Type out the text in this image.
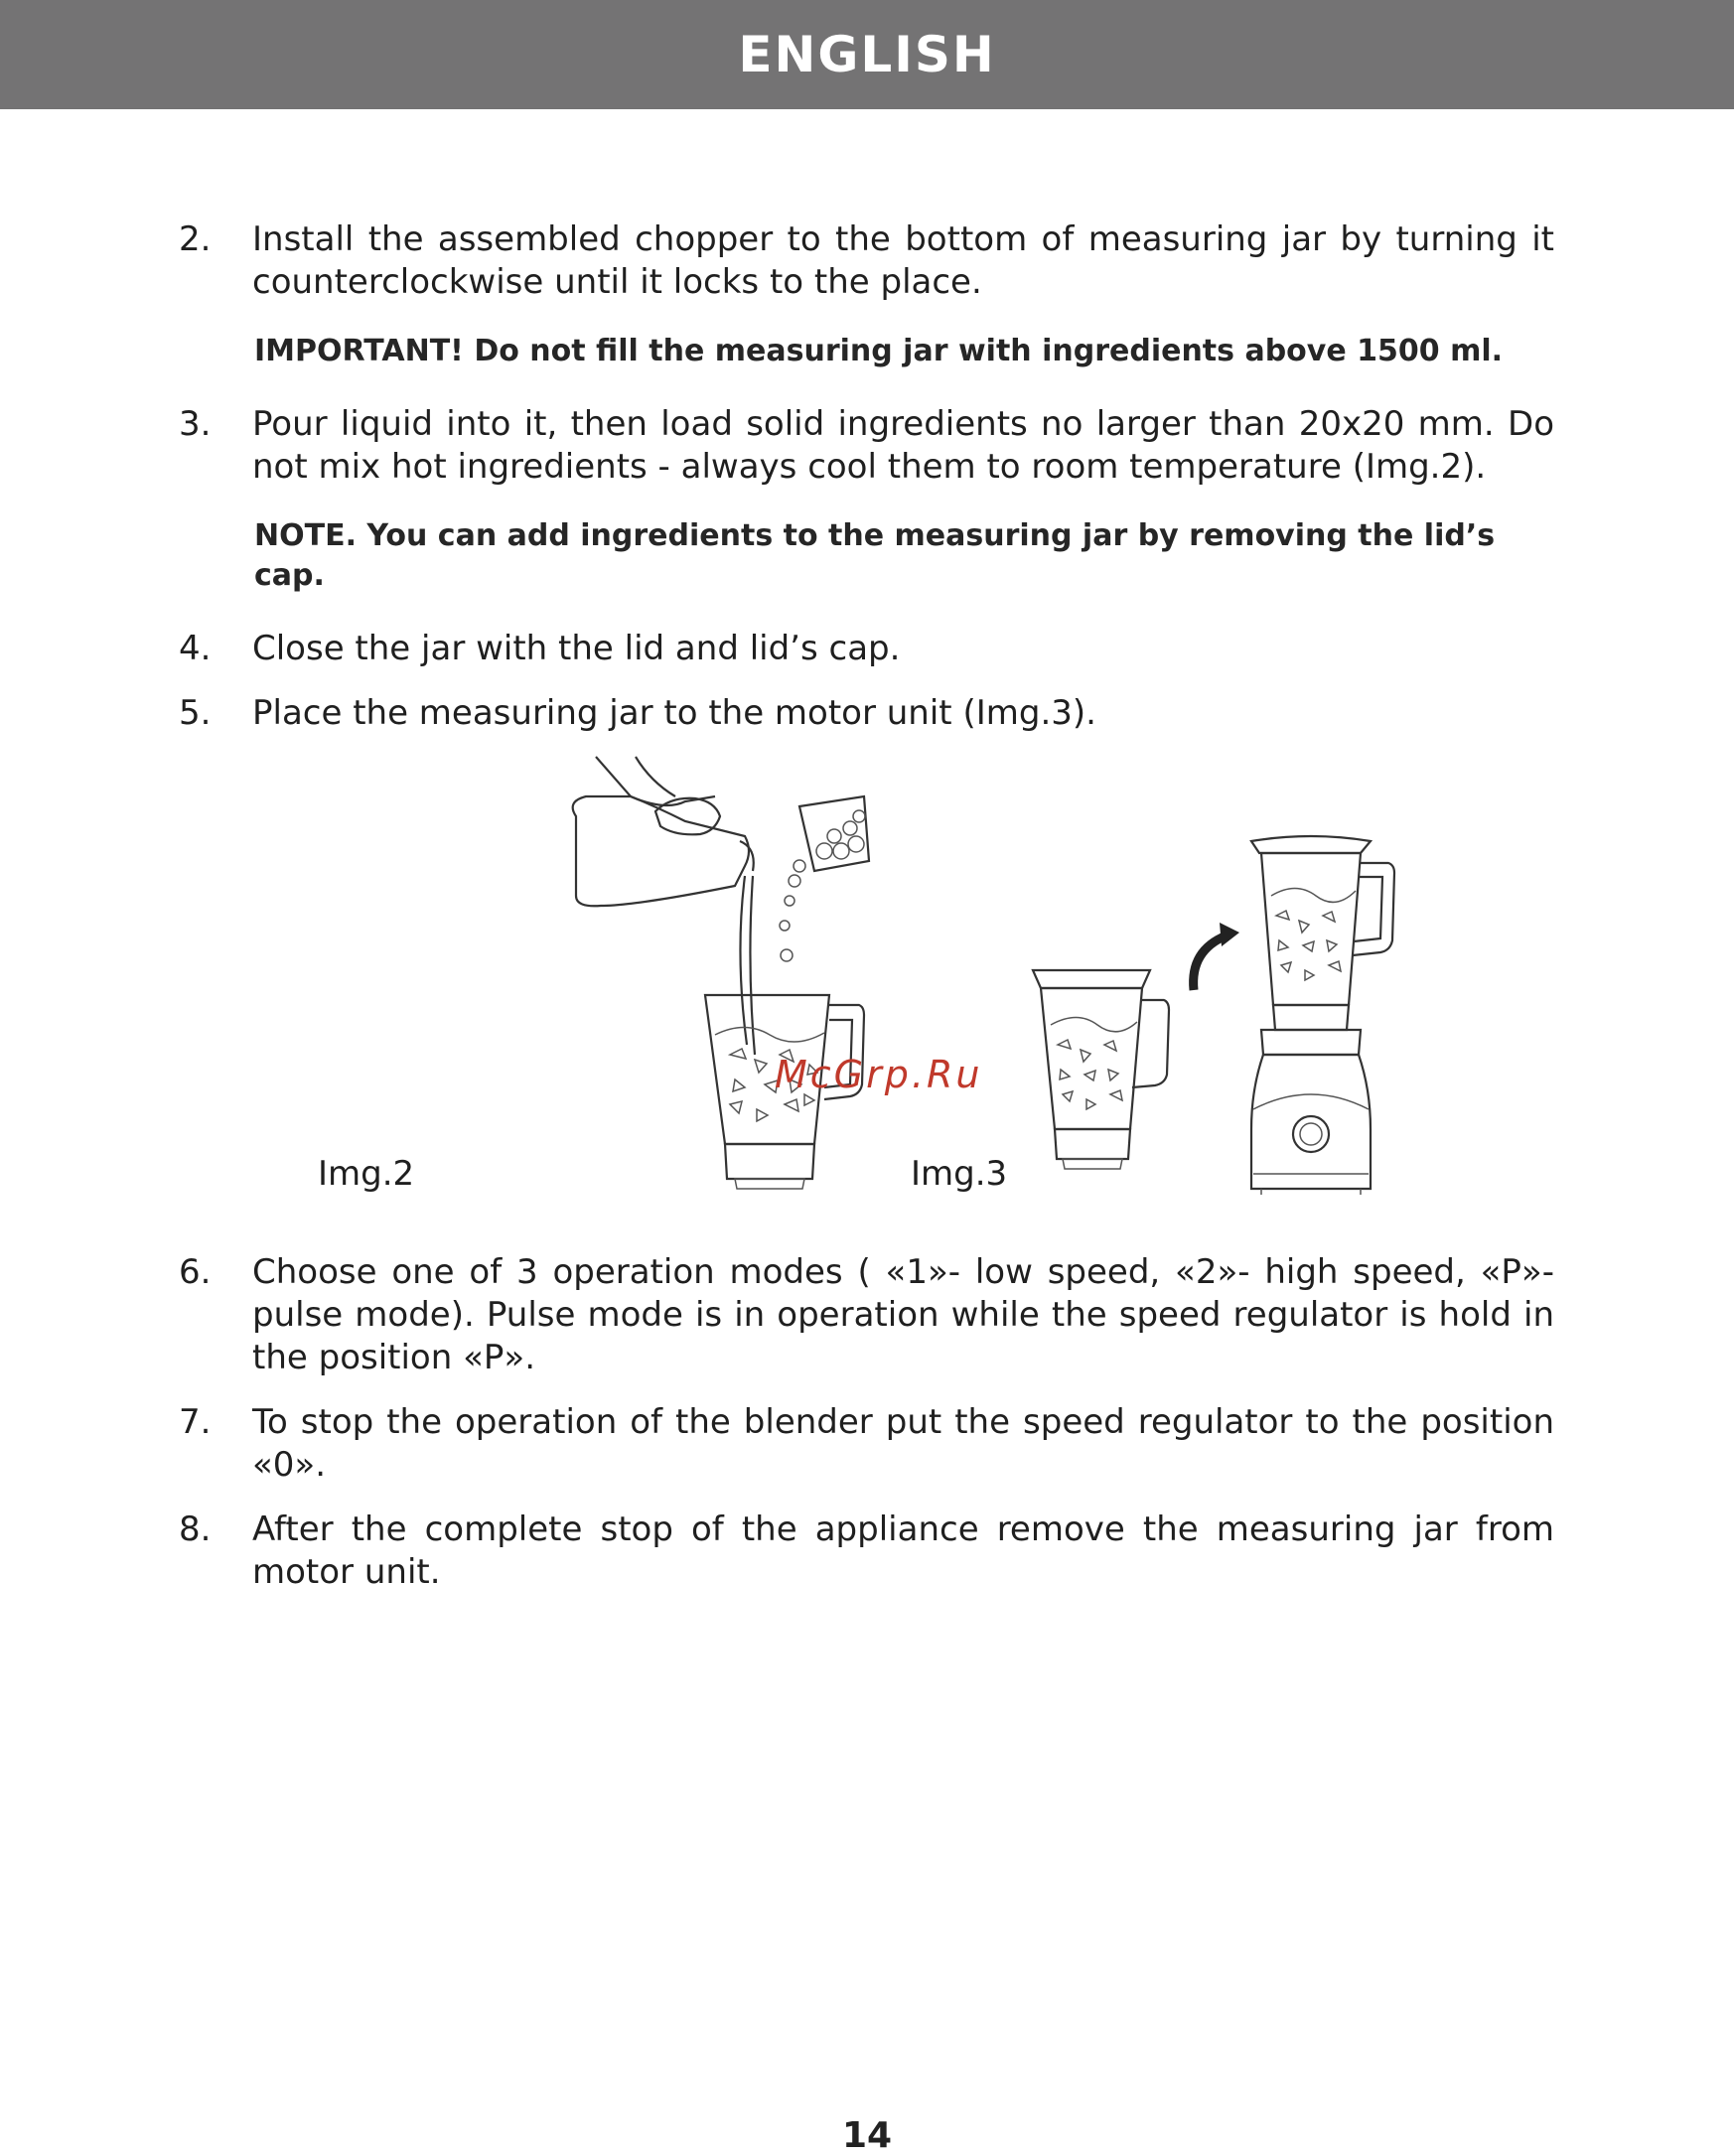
ENGLISH
2.	Install the assembled chopper to the bottom of measuring jar by turning it counterclockwise until it locks to the place.
IMPORTANT! Do not fill the measuring jar with ingredients above 1500 ml.
3.	Pour liquid into it, then load solid ingredients no larger than 20x20 mm. Do not mix hot ingredients - always cool them to room temperature (Img.2).
NOTE. You can add ingredients to the measuring jar by removing the lid’s cap.
4.	Close the jar with the lid and lid’s cap.
5.	Place the measuring jar to the motor unit (Img.3).
Img.2	Img.3
6.	Choose one of 3 operation modes ( «1»- low speed, «2»- high speed, «P»- pulse mode). Pulse mode is in operation while the speed regulator is hold in the position «P».
7.	To stop the operation of the blender put the speed regulator to the position «0».
8.	After the complete stop of the appliance remove the measuring jar from motor unit.
McGrp.Ru
14
